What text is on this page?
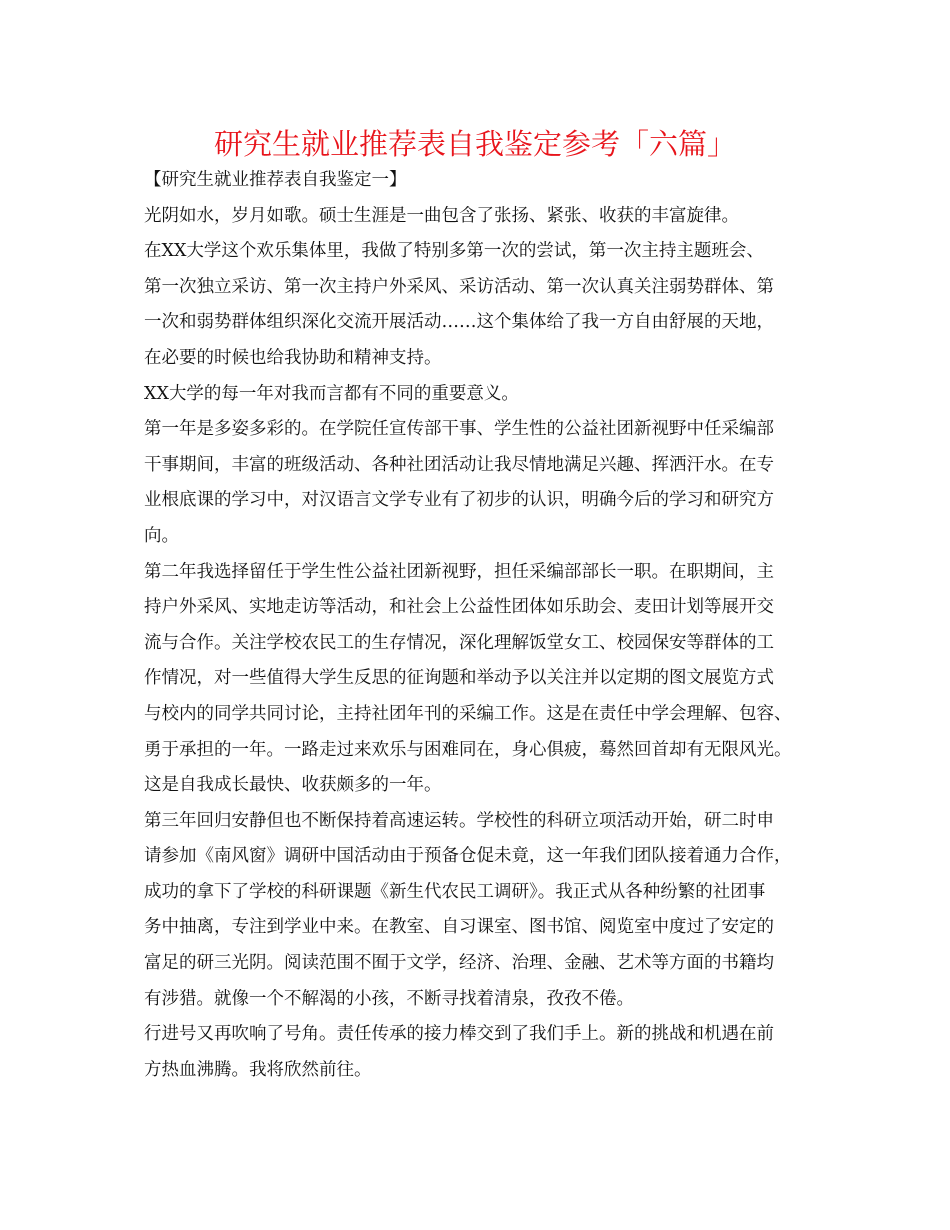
研究生就业推荐表自我鉴定参考「六篇」
【研究生就业推荐表自我鉴定一】
光阴如水，岁月如歌。硕士生涯是一曲包含了张扬、紧张、收获的丰富旋律。
在XX大学这个欢乐集体里，我做了特别多第一次的尝试，第一次主持主题班会、
第一次独立采访、第一次主持户外采风、采访活动、第一次认真关注弱势群体、第
一次和弱势群体组织深化交流开展活动……这个集体给了我一方自由舒展的天地，
在必要的时候也给我协助和精神支持。
XX大学的每一年对我而言都有不同的重要意义。
第一年是多姿多彩的。在学院任宣传部干事、学生性的公益社团新视野中任采编部
干事期间，丰富的班级活动、各种社团活动让我尽情地满足兴趣、挥洒汗水。在专
业根底课的学习中，对汉语言文学专业有了初步的认识，明确今后的学习和研究方
向。
第二年我选择留任于学生性公益社团新视野，担任采编部部长一职。在职期间，主
持户外采风、实地走访等活动，和社会上公益性团体如乐助会、麦田计划等展开交
流与合作。关注学校农民工的生存情况，深化理解饭堂女工、校园保安等群体的工
作情况，对一些值得大学生反思的征询题和举动予以关注并以定期的图文展览方式
与校内的同学共同讨论，主持社团年刊的采编工作。这是在责任中学会理解、包容、
勇于承担的一年。一路走过来欢乐与困难同在，身心俱疲，蓦然回首却有无限风光。
这是自我成长最快、收获颇多的一年。
第三年回归安静但也不断保持着高速运转。学校性的科研立项活动开始，研二时申
请参加《南风窗》调研中国活动由于预备仓促未竟，这一年我们团队接着通力合作，
成功的拿下了学校的科研课题《新生代农民工调研》。我正式从各种纷繁的社团事
务中抽离，专注到学业中来。在教室、自习课室、图书馆、阅览室中度过了安定的
富足的研三光阴。阅读范围不囿于文学，经济、治理、金融、艺术等方面的书籍均
有涉猎。就像一个不解渴的小孩，不断寻找着清泉，孜孜不倦。
行进号又再吹响了号角。责任传承的接力棒交到了我们手上。新的挑战和机遇在前
方热血沸腾。我将欣然前往。
